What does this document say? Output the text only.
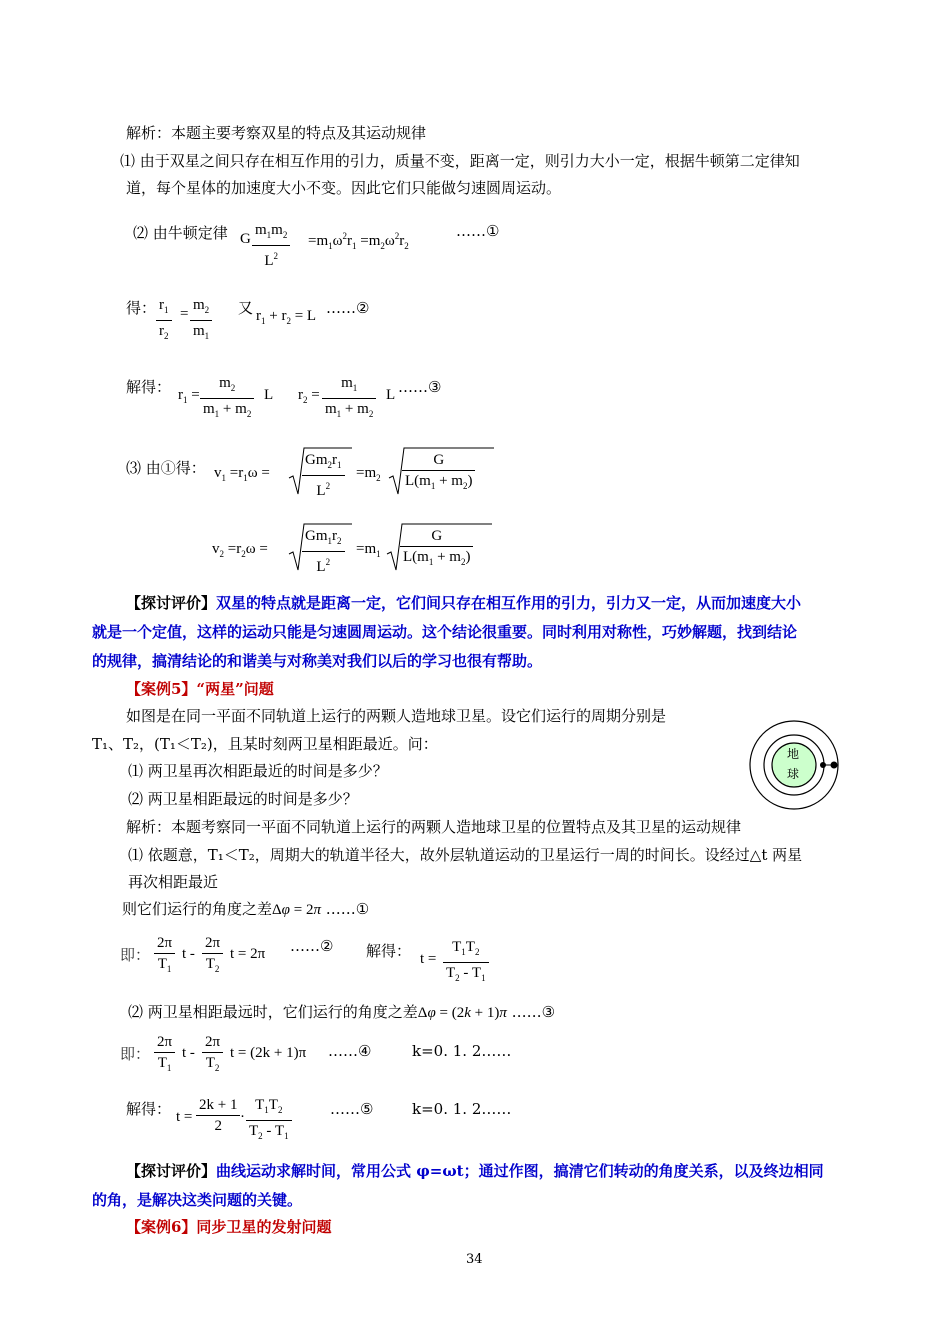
解析：本题主要考察双星的特点及其运动规律
⑴ 由于双星之间只存在相互作用的引力，质量不变，距离一定，则引力大小一定，根据牛顿第二定律知
道，每个星体的加速度大小不变。因此它们只能做匀速圆周运动。
⑵ 由牛顿定律 G $\frac{m_1m_2}{L^2} =m_1\omega^2r_1 =m_2\omega^2r_2$
……①
得： $\frac{r_1}{r_2} = \frac{m_2}{m_1}$ 又 $r_1 + r_2 = L$ ……②
解得： $r_1 = \frac{m_2}{m_1 + m_2}$ L $r_2 = \frac{m_1}{m_1 + m_2}$ L ……③
⑶ 由①得： $v_1 =r_1\omega = \frac{Gm_2r_1}{L^2} =m_2 \frac{G}{L(m_1 + m_2)}$
$v_2 =r_2\omega = \frac{Gm_1r_2}{L^2} =m_1 \frac{G}{L(m_1 + m_2)}$
【探讨评价】双星的特点就是距离一定，它们间只存在相互作用的引力，引力又一定，从而加速度大小
就是一个定值，这样的运动只能是匀速圆周运动。这个结论很重要。同时利用对称性，巧妙解题，找到结论
的规律，搞清结论的和谐美与对称美对我们以后的学习也很有帮助。
【案例5】“两星”问题
如图是在同一平面不同轨道上运行的两颗人造地球卫星。设它们运行的周期分别是
T₁、T₂，(T₁＜T₂)，且某时刻两卫星相距最近。问：
⑴ 两卫星再次相距最近的时间是多少？
⑵ 两卫星相距最远的时间是多少？
地
球
解析：本题考察同一平面不同轨道上运行的两颗人造地球卫星的位置特点及其卫星的运动规律
⑴ 依题意，T₁＜T₂，周期大的轨道半径大，故外层轨道运动的卫星运行一周的时间长。设经过△t 两星
再次相距最近
则它们运行的角度之差Δφ = 2π ……①
即： $\frac{2\pi}{T_1}$ t - $\frac{2\pi}{T_2}$ t = 2π ……② 解得： $t = \frac{T_1T_2}{T_2 - T_1}$
⑵ 两卫星相距最远时，它们运行的角度之差Δφ = (2k + 1)π ……③
即： $\frac{2\pi}{T_1}$ t - $\frac{2\pi}{T_2}$ t = (2k + 1)π ……④	k=0. 1. 2……
解得： $t = \frac{2k + 1}{2} \cdot \frac{T_1T_2}{T_2 - T_1}$	……⑤	k=0. 1. 2……
【探讨评价】曲线运动求解时间，常用公式 φ=ωt；通过作图，搞清它们转动的角度关系，以及终边相同
的角，是解决这类问题的关键。
【案例6】同步卫星的发射问题
34
